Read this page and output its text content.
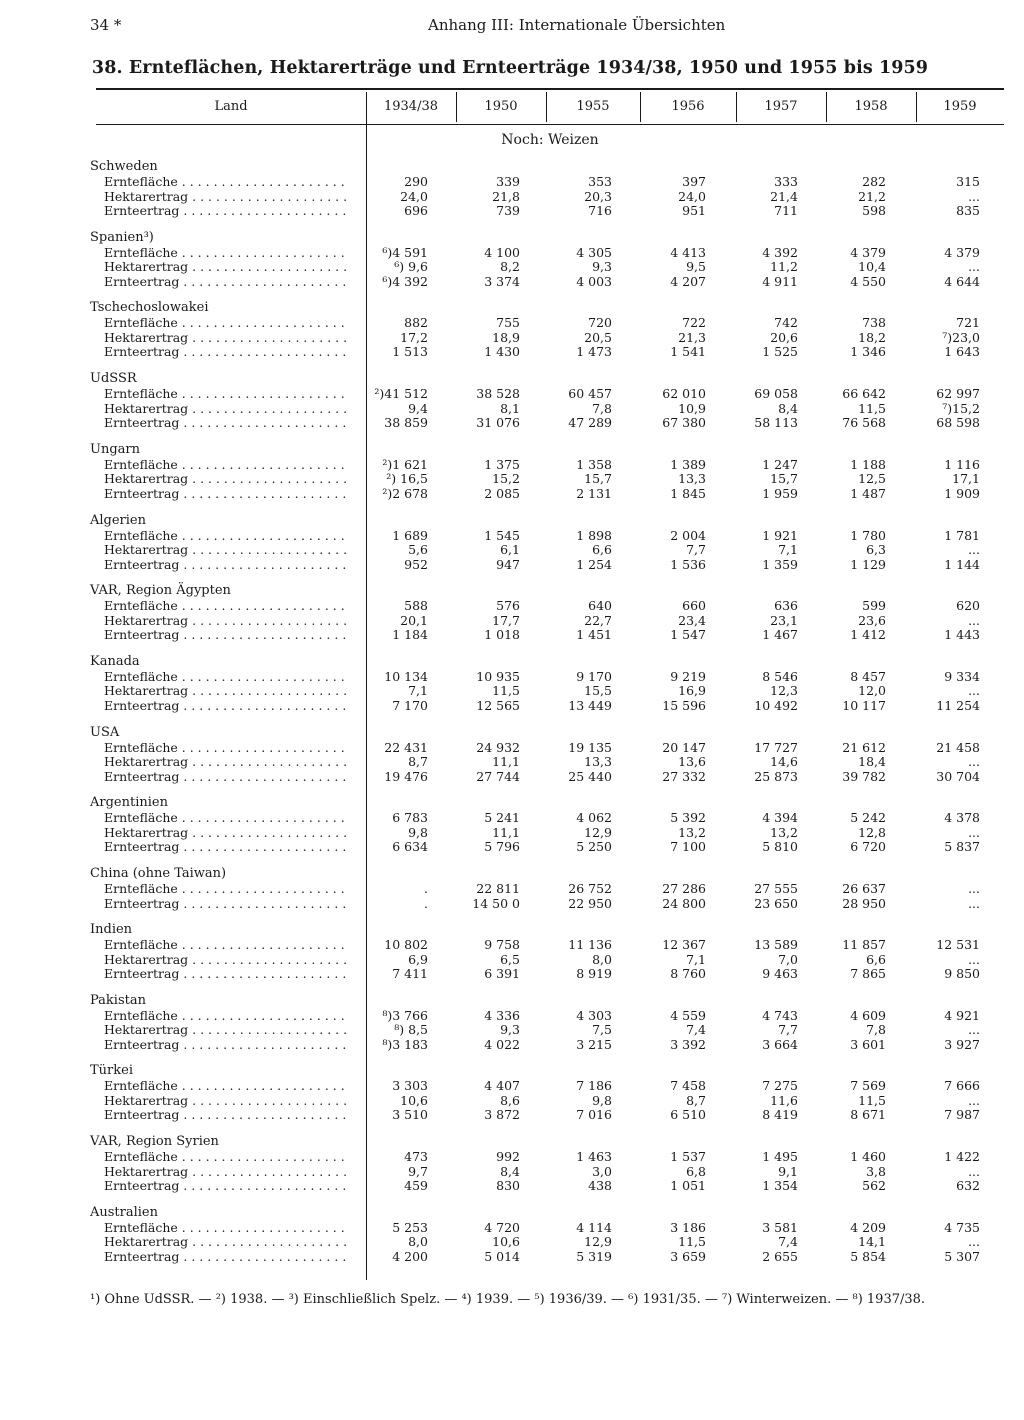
34 *	Anhang III: Internationale Übersichten
38. Ernteflächen, Hektarerträge und Ernteerträge 1934/38, 1950 und 1955 bis 1959
Land	1934/38	1950	1955	1956	1957	1958	1959
Noch: Weizen
Schweden
Erntefläche . . .	290	339	353	397	333	282	315
Hektarertrag . . .	24,0	21,8	20,3	24,0	21,4	21,2	...
Ernteertrag . . .	696	739	716	951	711	598	835
Spanien³)
Erntefläche . . .	⁶)4 591	4 100	4 305	4 413	4 392	4 379	4 379
Hektarertrag . . .	⁶) 9,6	8,2	9,3	9,5	11,2	10,4	...
Ernteertrag . . .	⁶)4 392	3 374	4 003	4 207	4 911	4 550	4 644
Tschechoslowakei
Erntefläche . . .	882	755	720	722	742	738	721
Hektarertrag . . .	17,2	18,9	20,5	21,3	20,6	18,2	⁷)23,0
Ernteertrag . . .	1 513	1 430	1 473	1 541	1 525	1 346	1 643
UdSSR
Erntefläche . . .	²)41 512	38 528	60 457	62 010	69 058	66 642	62 997
Hektarertrag . . .	9,4	8,1	7,8	10,9	8,4	11,5	⁷)15,2
Ernteertrag . . .	38 859	31 076	47 289	67 380	58 113	76 568	68 598
Ungarn
Erntefläche . . .	²)1 621	1 375	1 358	1 389	1 247	1 188	1 116
Hektarertrag . . .	²) 16,5	15,2	15,7	13,3	15,7	12,5	17,1
Ernteertrag . . .	²)2 678	2 085	2 131	1 845	1 959	1 487	1 909
Algerien
Erntefläche . . .	1 689	1 545	1 898	2 004	1 921	1 780	1 781
Hektarertrag . . .	5,6	6,1	6,6	7,7	7,1	6,3	...
Ernteertrag . . .	952	947	1 254	1 536	1 359	1 129	1 144
VAR, Region Ägypten
Erntefläche . . .	588	576	640	660	636	599	620
Hektarertrag . . .	20,1	17,7	22,7	23,4	23,1	23,6	...
Ernteertrag . . .	1 184	1 018	1 451	1 547	1 467	1 412	1 443
Kanada
Erntefläche . . .	10 134	10 935	9 170	9 219	8 546	8 457	9 334
Hektarertrag . . .	7,1	11,5	15,5	16,9	12,3	12,0	...
Ernteertrag . . .	7 170	12 565	13 449	15 596	10 492	10 117	11 254
USA
Erntefläche . . .	22 431	24 932	19 135	20 147	17 727	21 612	21 458
Hektarertrag . . .	8,7	11,1	13,3	13,6	14,6	18,4	...
Ernteertrag . . .	19 476	27 744	25 440	27 332	25 873	39 782	30 704
Argentinien
Erntefläche . . .	6 783	5 241	4 062	5 392	4 394	5 242	4 378
Hektarertrag . . .	9,8	11,1	12,9	13,2	13,2	12,8	...
Ernteertrag . . .	6 634	5 796	5 250	7 100	5 810	6 720	5 837
China (ohne Taiwan)
Erntefläche . . .	.	22 811	26 752	27 286	27 555	26 637	...
Ernteertrag . . .	.	14 50 0	22 950	24 800	23 650	28 950	...
Indien
Erntefläche . . .	10 802	9 758	11 136	12 367	13 589	11 857	12 531
Hektarertrag . . .	6,9	6,5	8,0	7,1	7,0	6,6	...
Ernteertrag . . .	7 411	6 391	8 919	8 760	9 463	7 865	9 850
Pakistan
Erntefläche . . .	⁸)3 766	4 336	4 303	4 559	4 743	4 609	4 921
Hektarertrag . . .	⁸) 8,5	9,3	7,5	7,4	7,7	7,8	...
Ernteertrag . . .	⁸)3 183	4 022	3 215	3 392	3 664	3 601	3 927
Türkei
Erntefläche . . .	3 303	4 407	7 186	7 458	7 275	7 569	7 666
Hektarertrag . . .	10,6	8,6	9,8	8,7	11,6	11,5	...
Ernteertrag . . .	3 510	3 872	7 016	6 510	8 419	8 671	7 987
VAR, Region Syrien
Erntefläche . . .	473	992	1 463	1 537	1 495	1 460	1 422
Hektarertrag . . .	9,7	8,4	3,0	6,8	9,1	3,8	...
Ernteertrag . . .	459	830	438	1 051	1 354	562	632
Australien
Erntefläche . . .	5 253	4 720	4 114	3 186	3 581	4 209	4 735
Hektarertrag . . .	8,0	10,6	12,9	11,5	7,4	14,1	...
Ernteertrag . . .	4 200	5 014	5 319	3 659	2 655	5 854	5 307
¹) Ohne UdSSR. — ²) 1938. — ³) Einschließlich Spelz. — ⁴) 1939. — ⁵) 1936/39. — ⁶) 1931/35. — ⁷) Winterweizen. — ⁸) 1937/38.
